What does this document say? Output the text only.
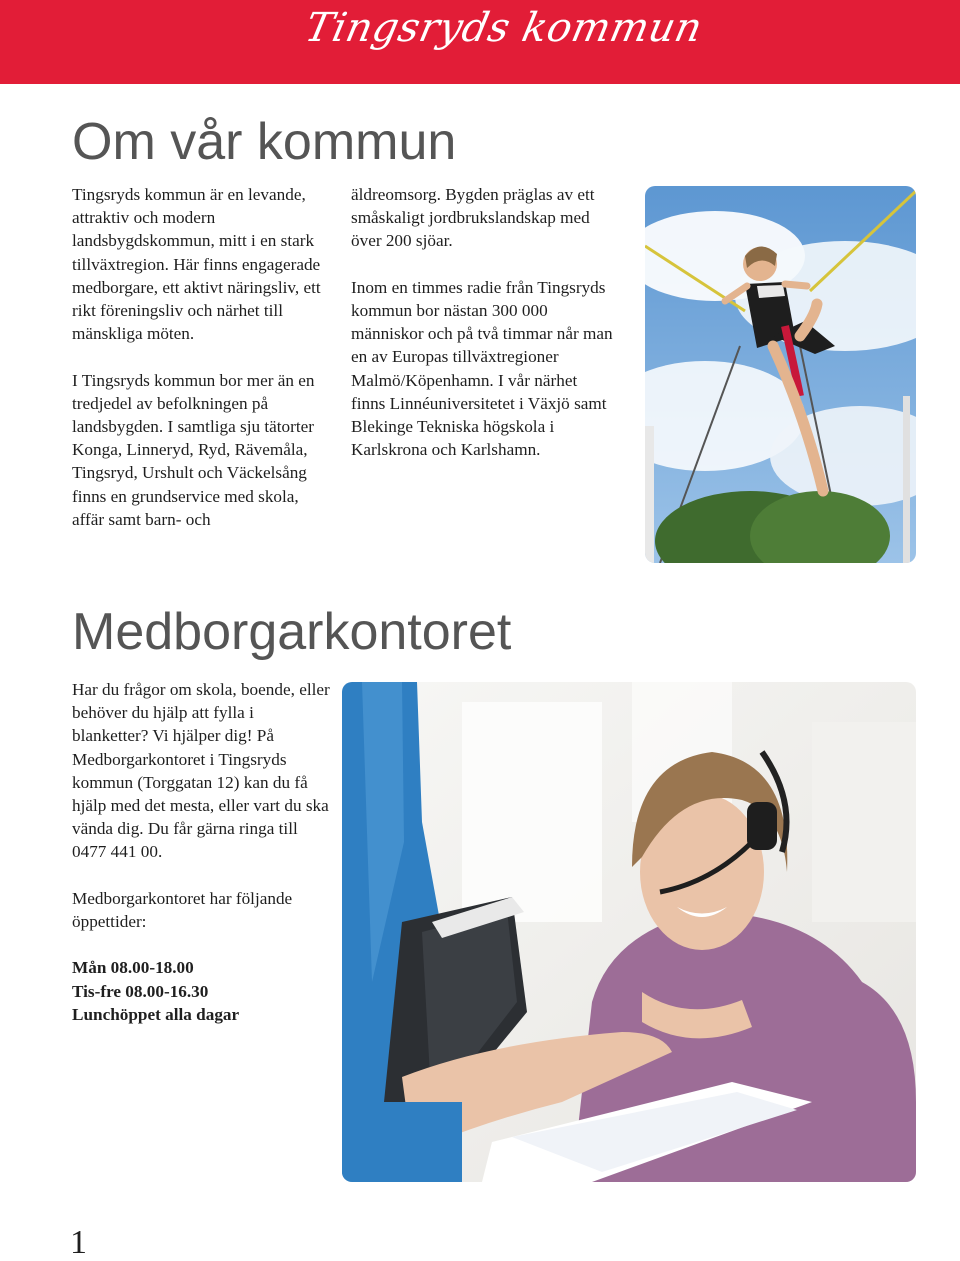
Tingsryds kommun
Om vår kommun

Tingsryds kommun är en levande, attraktiv och modern landsbygdskommun, mitt i en stark tillväxtregion. Här finns engagerade medborgare, ett aktivt näringsliv, ett rikt föreningsliv och närhet till mänskliga möten.

I Tingsryds kommun bor mer än en tredjedel av befolkningen på landsbygden. I samtliga sju tätorter Konga, Linneryd, Ryd, Rävemåla, Tingsryd, Urshult och Väckelsång finns en grundservice med skola, affär samt barn- och

äldreomsorg. Bygden präglas av ett småskaligt jordbrukslandskap med över 200 sjöar.

Inom en timmes radie från Tingsryds kommun bor nästan 300 000 människor och på två timmar når man en av Europas tillväxtregioner Malmö/Köpenhamn. I vår närhet finns Linnéuniversitetet i Växjö samt Blekinge Tekniska högskola i Karlskrona och Karlshamn.

Medborgarkontoret

Har du frågor om skola, boende, eller behöver du hjälp att fylla i blanketter? Vi hjälper dig! På Medborgarkontoret i Tingsryds kommun (Torggatan 12) kan du få hjälp med det mesta, eller vart du ska vända dig. Du får gärna ringa till 0477 441 00.

Medborgarkontoret har följande öppettider:

Mån 08.00-18.00
Tis-fre 08.00-16.30
Lunchöppet alla dagar
1
